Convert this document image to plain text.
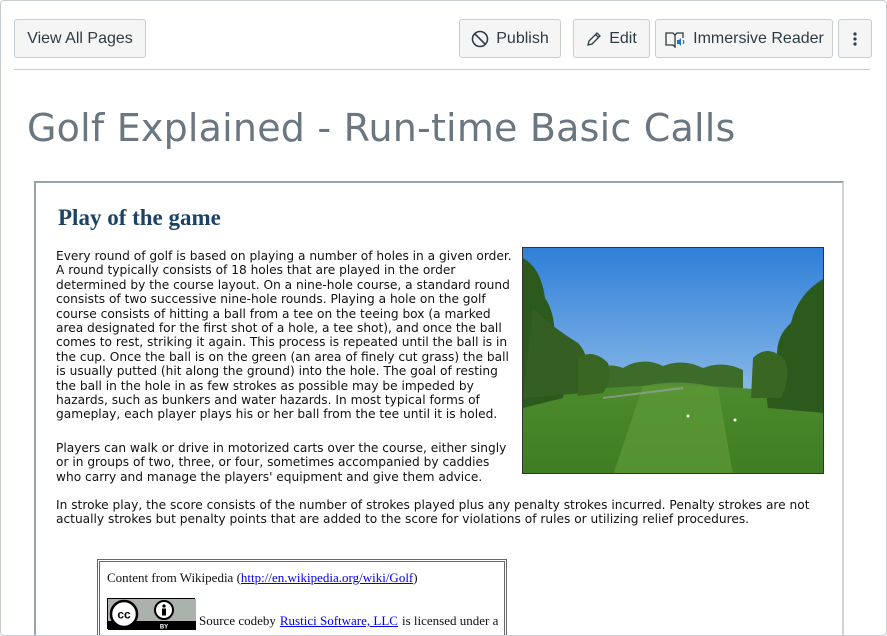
View All Pages	Publish	Edit	Immersive Reader
Golf Explained - Run-time Basic Calls
Play of the game

Every round of golf is based on playing a number of holes in a given order. A round typically consists of 18 holes that are played in the order determined by the course layout. On a nine-hole course, a standard round consists of two successive nine-hole rounds. Playing a hole on the golf course consists of hitting a ball from a tee on the teeing box (a marked area designated for the first shot of a hole, a tee shot), and once the ball comes to rest, striking it again. This process is repeated until the ball is in the cup. Once the ball is on the green (an area of finely cut grass) the ball is usually putted (hit along the ground) into the hole. The goal of resting the ball in the hole in as few strokes as possible may be impeded by hazards, such as bunkers and water hazards. In most typical forms of gameplay, each player plays his or her ball from the tee until it is holed.

Players can walk or drive in motorized carts over the course, either singly or in groups of two, three, or four, sometimes accompanied by caddies who carry and manage the players' equipment and give them advice.

In stroke play, the score consists of the number of strokes played plus any penalty strokes incurred. Penalty strokes are not actually strokes but penalty points that are added to the score for violations of rules or utilizing relief procedures.

Content from Wikipedia (http://en.wikipedia.org/wiki/Golf)
cc
BY Source codeby Rustici Software, LLC is licensed under a
